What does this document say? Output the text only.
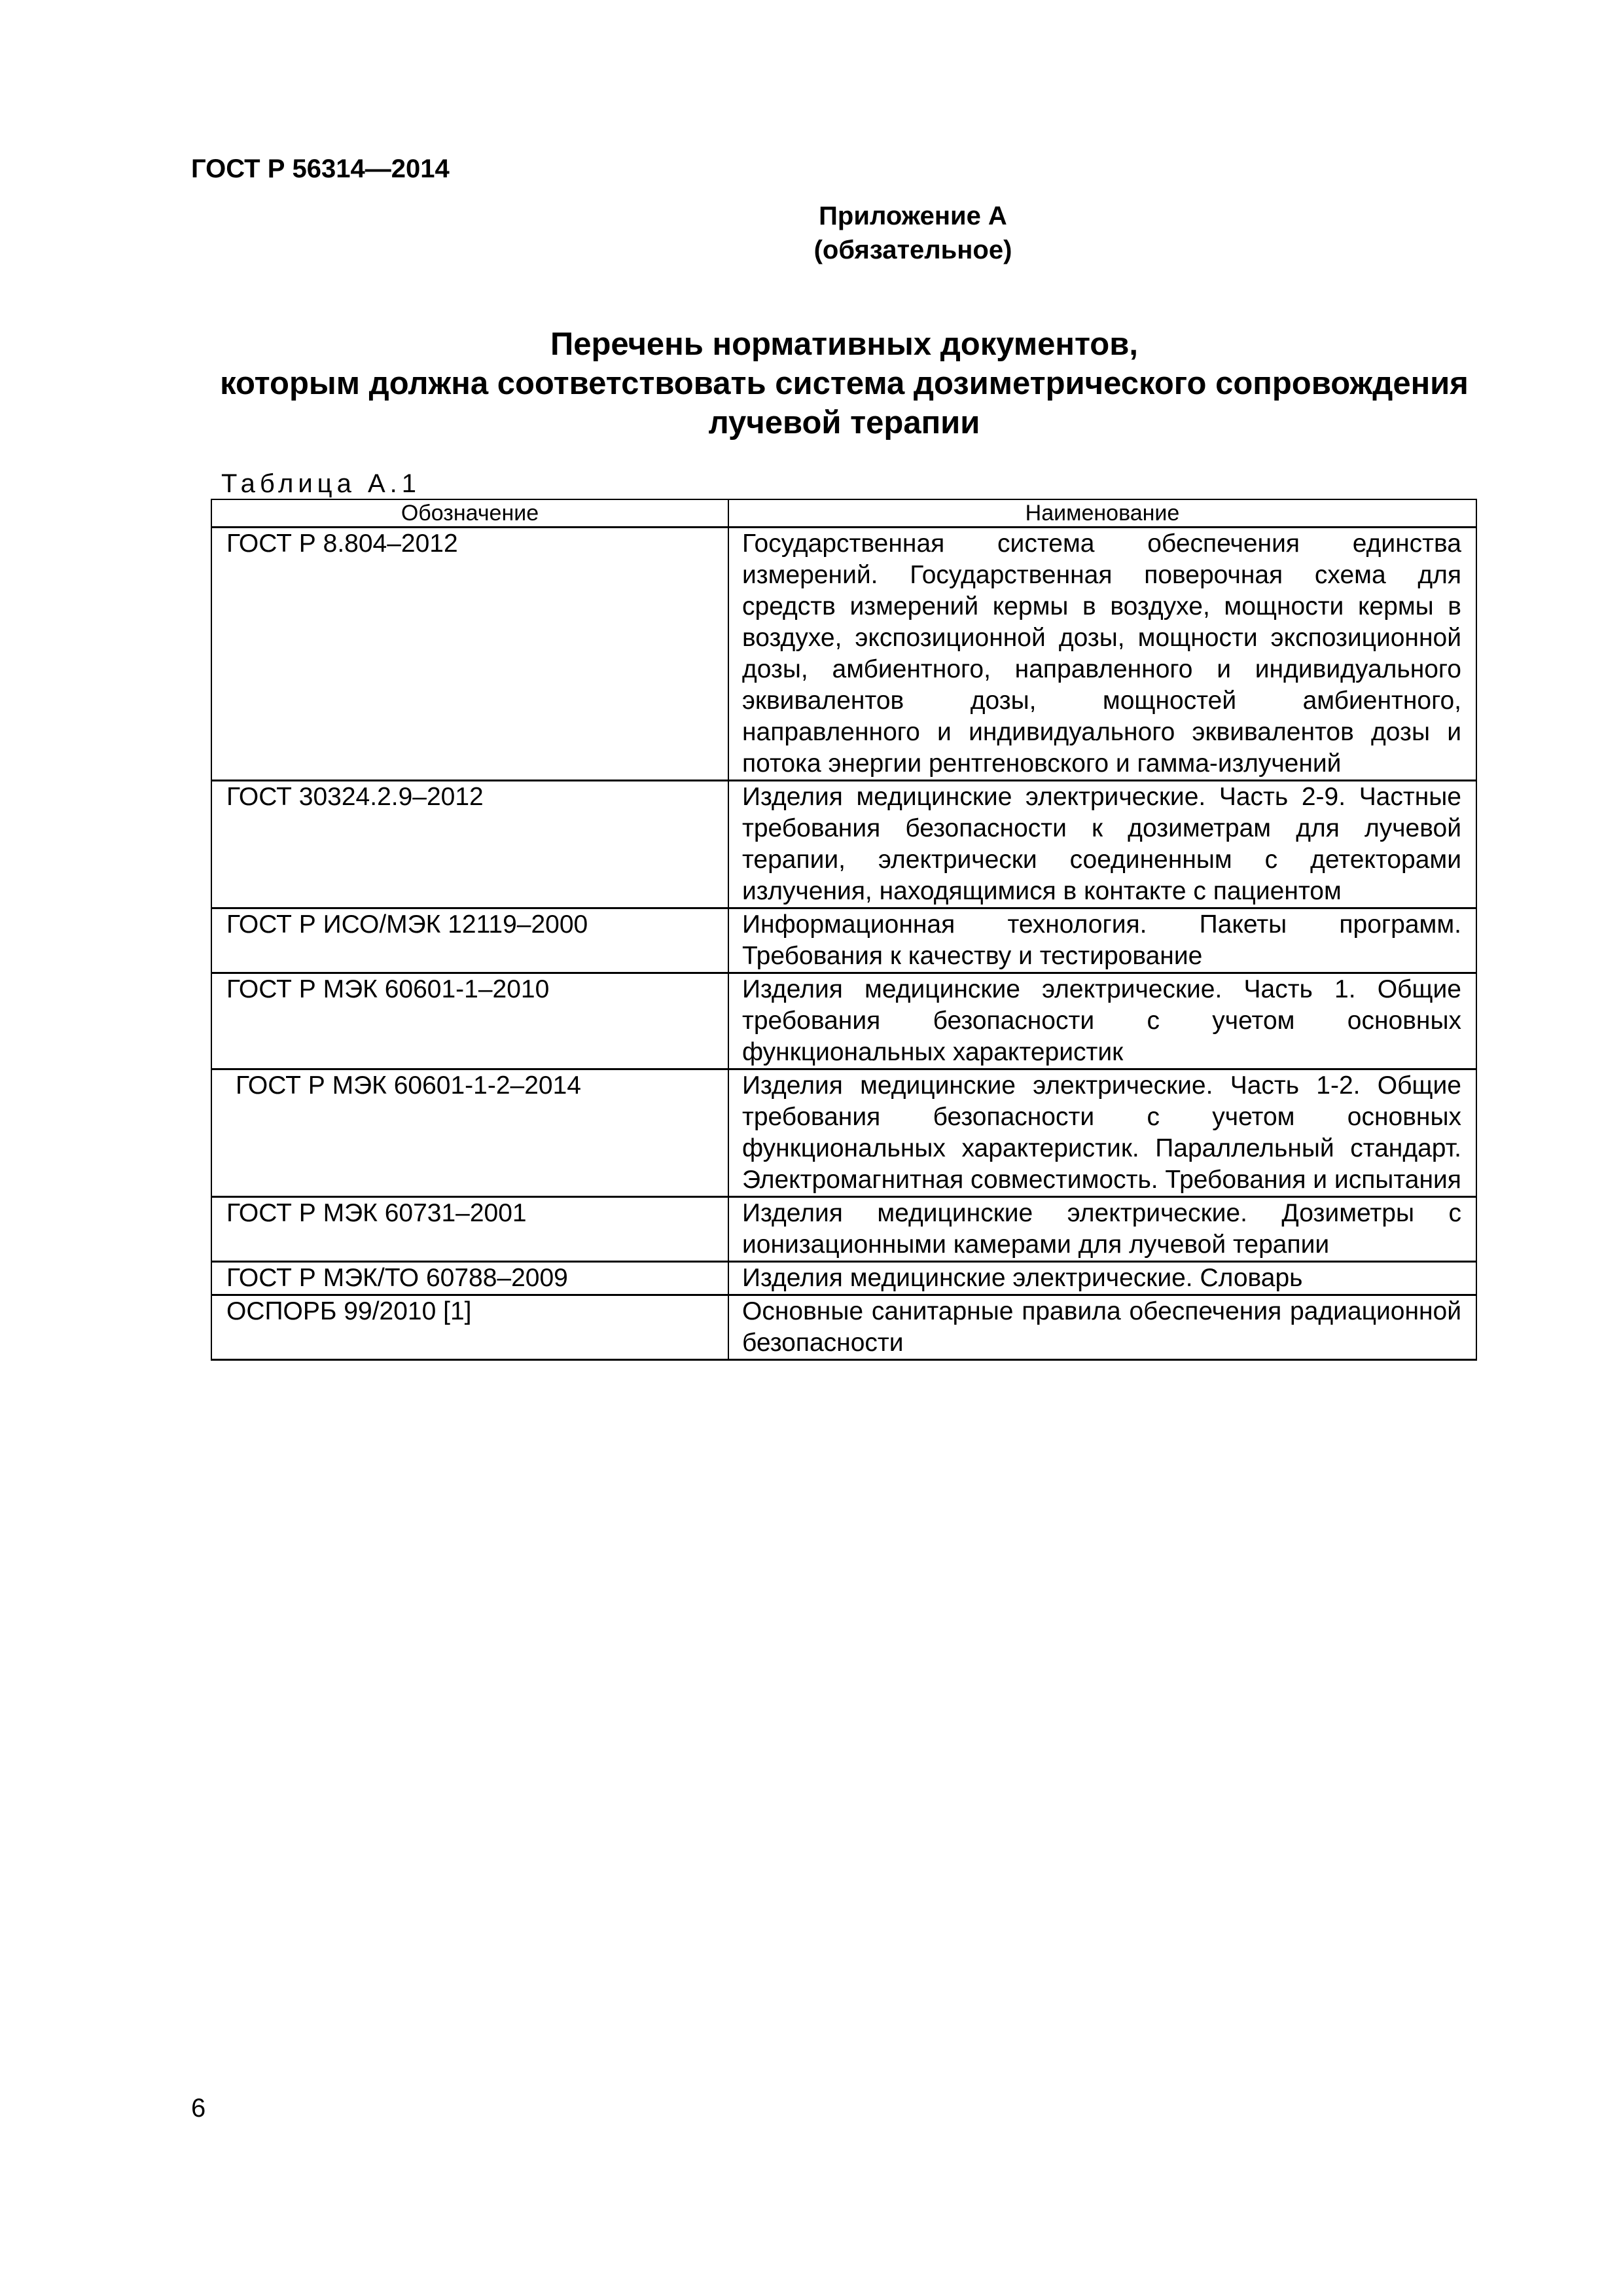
ГОСТ Р 56314—2014
Приложение А
(обязательное)
Перечень нормативных документов,
которым должна соответствовать система дозиметрического сопровождения
лучевой терапии
Таблица А.1
Обозначение	Наименование
ГОСТ Р 8.804–2012	Государственная система обеспечения единства измерений. Государственная поверочная схема для средств измерений кермы в воздухе, мощности кермы в воздухе, экспозиционной дозы, мощности экспозиционной дозы, амбиентного, направленного и индивидуального эквивалентов дозы, мощностей амбиентного, направленного и индивидуального эквивалентов дозы и потока энергии рентгеновского и гамма-излучений
ГОСТ 30324.2.9–2012	Изделия медицинские электрические. Часть 2-9. Частные требования безопасности к дозиметрам для лучевой терапии, электрически соединенным с детекторами излучения, находящимися в контакте с пациентом
ГОСТ Р ИСО/МЭК 12119–2000	Информационная технология. Пакеты программ. Требования к качеству и тестирование
ГОСТ Р МЭК 60601-1–2010	Изделия медицинские электрические. Часть 1. Общие требования безопасности с учетом основных функциональных характеристик
ГОСТ Р МЭК 60601-1-2–2014	Изделия медицинские электрические. Часть 1-2. Общие требования безопасности с учетом основных функциональных характеристик. Параллельный стандарт. Электромагнитная совместимость. Требования и испытания
ГОСТ Р МЭК 60731–2001	Изделия медицинские электрические. Дозиметры с ионизационными камерами для лучевой терапии
ГОСТ Р МЭК/ТО 60788–2009	Изделия медицинские электрические. Словарь
ОСПОРБ 99/2010 [1]	Основные санитарные правила обеспечения радиационной безопасности
6
